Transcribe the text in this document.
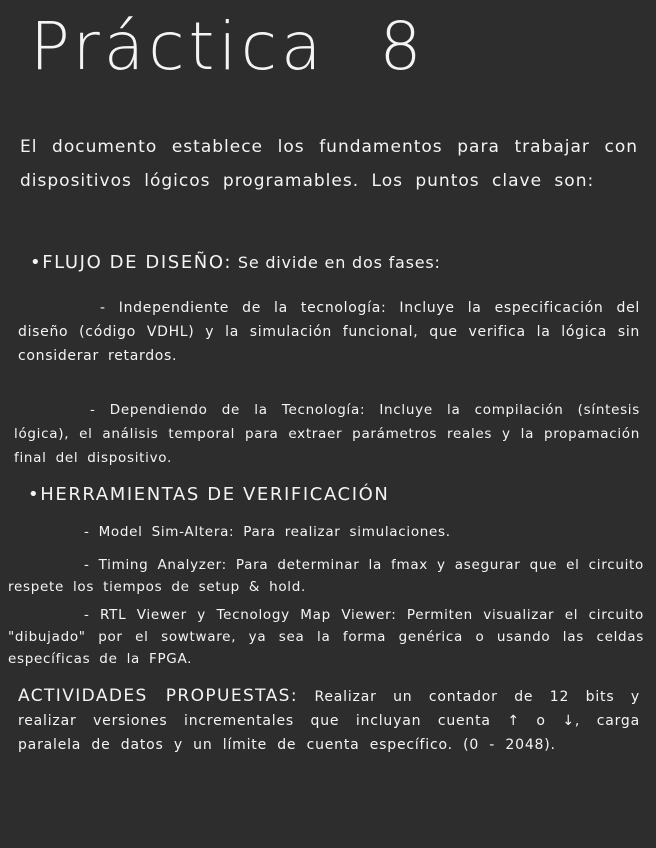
Práctica 8
El documento establece los fundamentos para trabajar con dispositivos lógicos programables. Los puntos clave son:
•FLUJO DE DISEÑO: Se divide en dos fases:
- Independiente de la tecnología: Incluye la especificación del diseño (código VDHL) y la simulación funcional, que verifica la lógica sin considerar retardos.
- Dependiendo de la Tecnología: Incluye la compilación (síntesis lógica), el análisis temporal para extraer parámetros reales y la propamación final del dispositivo.
•HERRAMIENTAS DE VERIFICACIÓN
- Model Sim-Altera: Para realizar simulaciones.
- Timing Analyzer: Para determinar la fmax y asegurar que el circuito respete los tiempos de setup & hold.
- RTL Viewer y Tecnology Map Viewer: Permiten visualizar el circuito "dibujado" por el sowtware, ya sea la forma genérica o usando las celdas específicas de la FPGA.
ACTIVIDADES PROPUESTAS: Realizar un contador de 12 bits y realizar versiones incrementales que incluyan cuenta ↑ o ↓, carga paralela de datos y un límite de cuenta específico. (0 - 2048).
